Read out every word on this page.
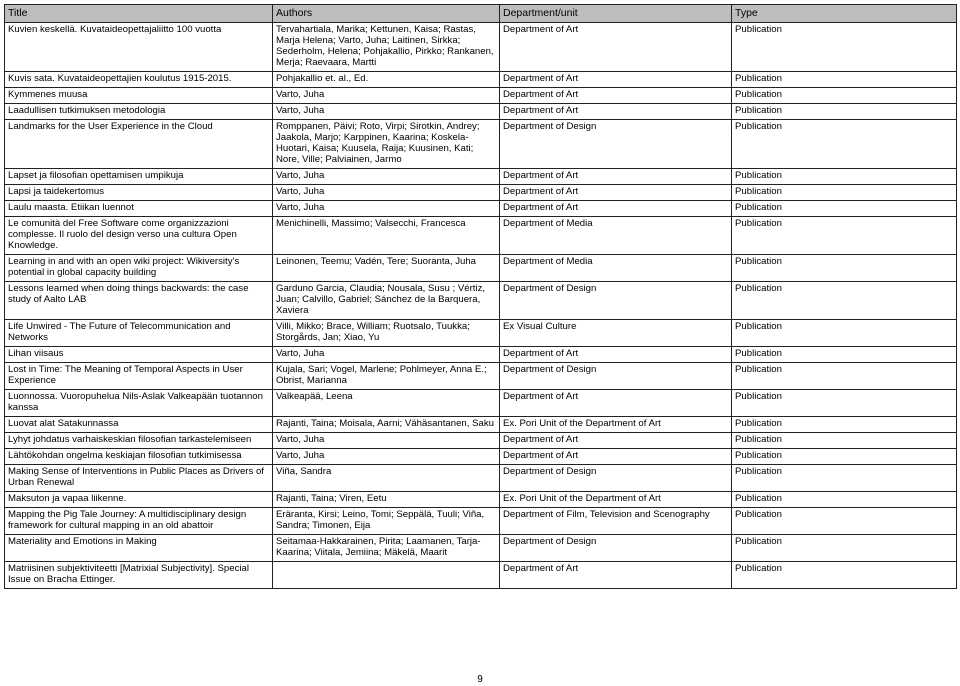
Title	Authors	Department/unit	Type
Kuvien keskellä. Kuvataideopettajaliitto 100 vuotta	Tervahartiala, Marika; Kettunen, Kaisa; Rastas, Marja Helena; Varto, Juha; Laitinen, Sirkka; Sederholm, Helena; Pohjakallio, Pirkko; Rankanen, Merja; Raevaara, Martti	Department of Art	Publication
Kuvis sata. Kuvataideopettajien koulutus 1915-2015.	Pohjakallio et. al., Ed.	Department of Art	Publication
Kymmenes muusa	Varto, Juha	Department of Art	Publication
Laadullisen tutkimuksen metodologia	Varto, Juha	Department of Art	Publication
Landmarks for the User Experience in the Cloud	Romppanen, Päivi; Roto, Virpi; Sirotkin, Andrey; Jaakola, Marjo; Karppinen, Kaarina; Koskela-Huotari, Kaisa; Kuusela, Raija; Kuusinen, Kati; Nore, Ville; Palviainen, Jarmo	Department of Design	Publication
Lapset ja filosofian opettamisen umpikuja	Varto, Juha	Department of Art	Publication
Lapsi ja taidekertomus	Varto, Juha	Department of Art	Publication
Laulu maasta. Etiikan luennot	Varto, Juha	Department of Art	Publication
Le comunità del Free Software come organizzazioni complesse. Il ruolo del design verso una cultura Open Knowledge.	Menichinelli, Massimo; Valsecchi, Francesca	Department of Media	Publication
Learning in and with an open wiki project: Wikiversity’s potential in global capacity building	Leinonen, Teemu; Vadén, Tere; Suoranta, Juha	Department of Media	Publication
Lessons learned when doing things backwards: the case study of Aalto LAB	Garduno Garcia, Claudia; Nousala, Susu ; Vértiz, Juan; Calvillo, Gabriel; Sánchez de la Barquera, Xaviera	Department of Design	Publication
Life Unwired - The Future of Telecommunication and Networks	Villi, Mikko; Brace, William; Ruotsalo, Tuukka; Storgårds, Jan; Xiao, Yu	Ex Visual Culture	Publication
Lihan viisaus	Varto, Juha	Department of Art	Publication
Lost in Time: The Meaning of Temporal Aspects in User Experience	Kujala, Sari; Vogel, Marlene; Pohlmeyer, Anna E.; Obrist, Marianna	Department of Design	Publication
Luonnossa. Vuoropuhelua Nils-Aslak Valkeapään tuotannon kanssa	Valkeapää, Leena	Department of Art	Publication
Luovat alat Satakunnassa	Rajanti, Taina; Moisala, Aarni; Vähäsantanen, Saku	Ex. Pori Unit of the Department of Art	Publication
Lyhyt johdatus varhaiskeskian filosofian tarkastelemiseen	Varto, Juha	Department of Art	Publication
Lähtökohdan ongelma keskiajan filosofian tutkimisessa	Varto, Juha	Department of Art	Publication
Making Sense of Interventions in Public Places as Drivers of Urban Renewal	Viña, Sandra	Department of Design	Publication
Maksuton ja vapaa liikenne.	Rajanti, Taina; Viren, Eetu	Ex. Pori Unit of the Department of Art	Publication
Mapping the Pig Tale Journey: A multidisciplinary design framework for cultural mapping in an old abattoir	Eräranta, Kirsi; Leino, Tomi; Seppälä, Tuuli; Viña, Sandra; Timonen, Eija	Department of Film, Television and Scenography	Publication
Materiality and Emotions in Making	Seitamaa-Hakkarainen, Pirita; Laamanen, Tarja-Kaarina; Viitala, Jemiina; Mäkelä, Maarit	Department of Design	Publication
Matriisinen subjektiviteetti [Matrixial Subjectivity]. Special Issue on Bracha Ettinger.		Department of Art	Publication
9
